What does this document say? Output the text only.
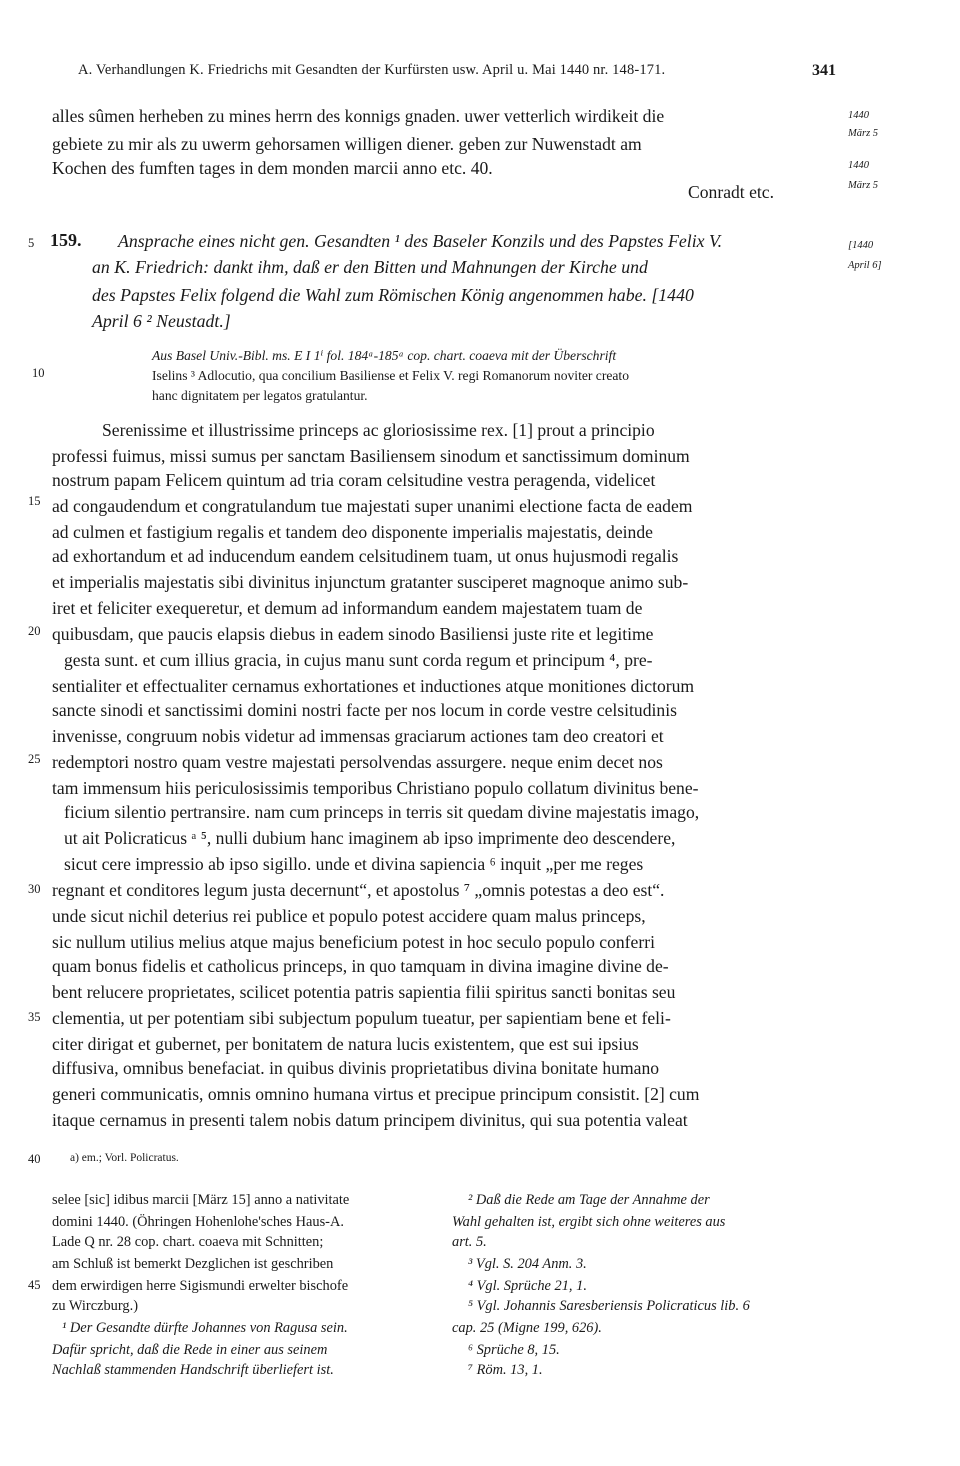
A. Verhandlungen K. Friedrichs mit Gesandten der Kurfürsten usw. April u. Mai 1440 nr. 148-171.	341
alles sûmen herheben zu mines herrn des konnigs gnaden. uwer vetterlich wirdikeit die
gebiete zu mir als zu uwerm gehorsamen willigen diener. geben zur Nuwenstadt am
Kochen des fumften tages in dem monden marcii anno etc. 40.
Conradt etc.
1440
März 5
1440
März 5
[1440
April 6]
159. Ansprache eines nicht gen. Gesandten ¹ des Baseler Konzils und des Papstes Felix V.
an K. Friedrich: dankt ihm, daß er den Bitten und Mahnungen der Kirche und
des Papstes Felix folgend die Wahl zum Römischen König angenommen habe. [1440
April 6 ² Neustadt.]
Aus Basel Univ.-Bibl. ms. E I 1ⁱ fol. 184ᵃ-185ᵃ cop. chart. coaeva mit der Überschrift
Iselins ³ Adlocutio, qua concilium Basiliense et Felix V. regi Romanorum noviter creato
hanc dignitatem per legatos gratulantur.
5
10
15
20
25
30
35
40
45
Serenissime et illustrissime princeps ac gloriosissime rex. [1] prout a principio
professi fuimus, missi sumus per sanctam Basiliensem sinodum et sanctissimum dominum
nostrum papam Felicem quintum ad tria coram celsitudine vestra peragenda, videlicet
ad congaudendum et congratulandum tue majestati super unanimi electione facta de eadem
ad culmen et fastigium regalis et tandem deo disponente imperialis majestatis, deinde
ad exhortandum et ad inducendum eandem celsitudinem tuam, ut onus hujusmodi regalis
et imperialis majestatis sibi divinitus injunctum gratanter susciperet magnoque animo sub-
iret et feliciter exequeretur, et demum ad informandum eandem majestatem tuam de
quibusdam, que paucis elapsis diebus in eadem sinodo Basiliensi juste rite et legitime
gesta sunt. et cum illius gracia, in cujus manu sunt corda regum et principum ⁴, pre-
sentialiter et effectualiter cernamus exhortationes et inductiones atque monitiones dictorum
sancte sinodi et sanctissimi domini nostri facte per nos locum in corde vestre celsitudinis
invenisse, congruum nobis videtur ad immensas graciarum actiones tam deo creatori et
redemptori nostro quam vestre majestati persolvendas assurgere. neque enim decet nos
tam immensum hiis periculosissimis temporibus Christiano populo collatum divinitus bene-
ficium silentio pertransire. nam cum princeps in terris sit quedam divine majestatis imago,
ut ait Policraticus ᵃ ⁵, nulli dubium hanc imaginem ab ipso imprimente deo descendere,
sicut cere impressio ab ipso sigillo. unde et divina sapiencia ⁶ inquit „per me reges
regnant et conditores legum justa decernunt“, et apostolus ⁷ „omnis potestas a deo est“.
unde sicut nichil deterius rei publice et populo potest accidere quam malus princeps,
sic nullum utilius melius atque majus beneficium potest in hoc seculo populo conferri
quam bonus fidelis et catholicus princeps, in quo tamquam in divina imagine divine de-
bent relucere proprietates, scilicet potentia patris sapientia filii spiritus sancti bonitas seu
clementia, ut per potentiam sibi subjectum populum tueatur, per sapientiam bene et feli-
citer dirigat et gubernet, per bonitatem de natura lucis existentem, que est sui ipsius
diffusiva, omnibus benefaciat. in quibus divinis proprietatibus divina bonitate humano
generi communicatis, omnis omnino humana virtus et precipue principum consistit. [2] cum
itaque cernamus in presenti talem nobis datum principem divinitus, qui sua potentia valeat
a) em.; Vorl. Policratus.
selee [sic] idibus marcii [März 15] anno a nativitate
domini 1440. (Öhringen Hohenlohe'sches Haus-A.
Lade Q nr. 28 cop. chart. coaeva mit Schnitten;
am Schluß ist bemerkt Dezglichen ist geschriben
dem erwirdigen herre Sigismundi erwelter bischofe
zu Wirczburg.)
¹ Der Gesandte dürfte Johannes von Ragusa sein.
Dafür spricht, daß die Rede in einer aus seinem
Nachlaß stammenden Handschrift überliefert ist.
² Daß die Rede am Tage der Annahme der
Wahl gehalten ist, ergibt sich ohne weiteres aus
art. 5.
³ Vgl. S. 204 Anm. 3.
⁴ Vgl. Sprüche 21, 1.
⁵ Vgl. Johannis Saresberiensis Policraticus lib. 6
cap. 25 (Migne 199, 626).
⁶ Sprüche 8, 15.
⁷ Röm. 13, 1.
